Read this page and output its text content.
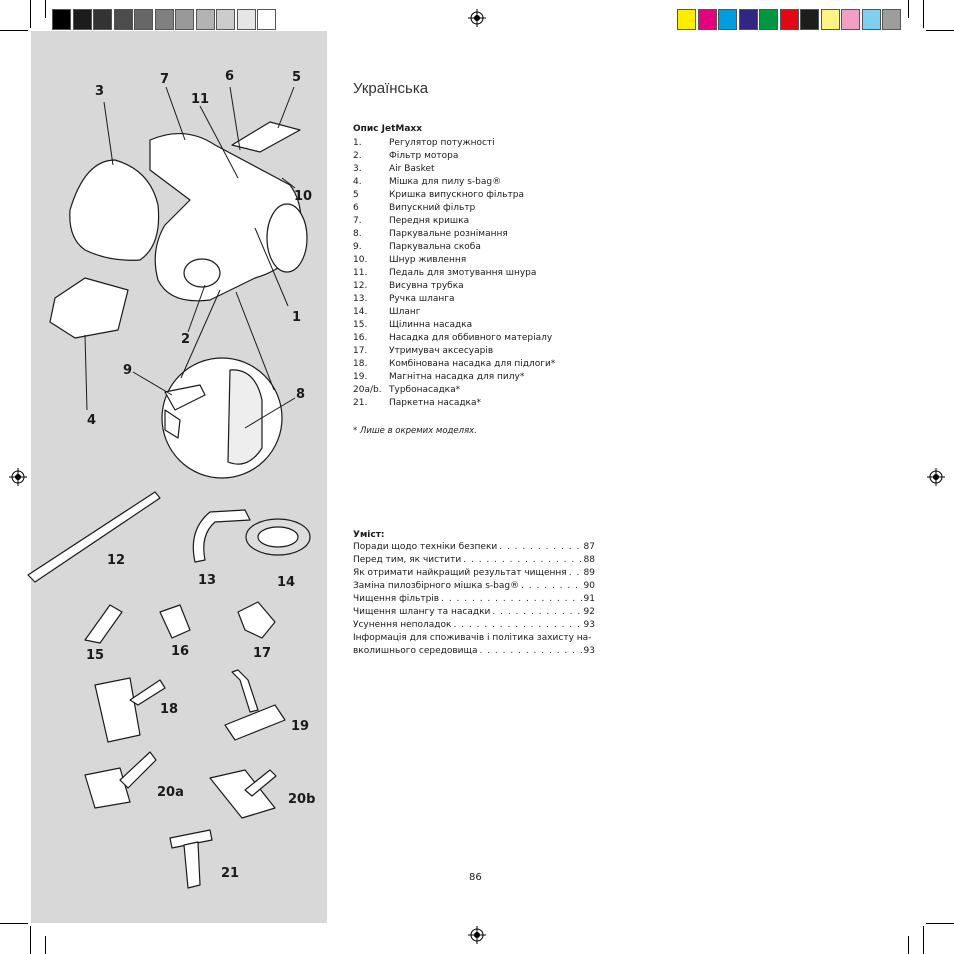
1
2
3
4
5
6
7
8
9
10
11
12
13	14
15	16	17
18
19
20a	20b
21
Українська
Опис JetMaxx
1.	Регулятор потужності
2.	Фільтр мотора
3.	Air Basket
4.	Мішка для пилу s-bag®
5	Кришка випускного фільтра
6	Випускний фільтр
7.	Передня кришка
8.	Паркувальне рознімання
9.	Паркувальна скоба
10. Шнур живлення
11. Педаль для змотування шнура
12. Висувна трубка
13. Ручка шланга
14. Шланг
15. Щілинна насадка
16. Насадка для оббивного матеріалу
17. Утримувач аксесуарів
18. Комбінована насадка для підлоги*
19. Магнітна насадка для пилу*
20a/b. Турбонасадка*
21. Паркетна насадка*
* Лише в окремих моделях.
Уміст:
Поради щодо техніки безпеки . . .	87
Перед тим, як чистити . . .	88
Як отримати найкращий результат чищення . . . 89
Заміна пилозбірного мішка s-bag® . . .	90
Чищення фільтрів . . .	91
Чищення шлангу та насадки . . .	92
Усунення неполадок . . .	93
Інформація для споживачів і політика захисту на-
вколишнього середовища . . .	93
86
